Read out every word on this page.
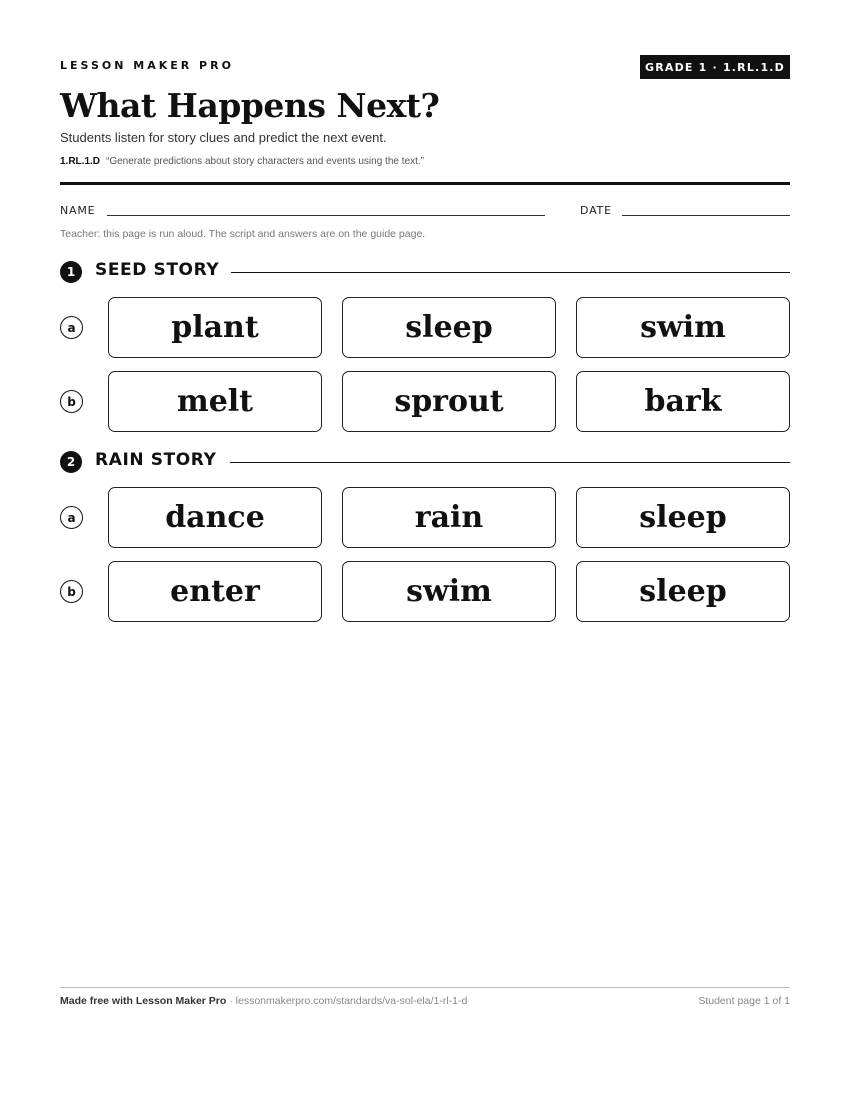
LESSON MAKER PRO	GRADE 1 · 1.RL.1.D
What Happens Next?
Students listen for story clues and predict the next event.
1.RL.1.D “Generate predictions about story characters and events using the text.”
NAME	DATE
Teacher: this page is run aloud. The script and answers are on the guide page.
1	SEED STORY
a	plant	sleep	swim
b	melt	sprout	bark
2	RAIN STORY
a	dance	rain	sleep
b	enter	swim	sleep
Made free with Lesson Maker Pro · lessonmakerpro.com/standards/va-sol-ela/1-rl-1-d	Student page 1 of 1
